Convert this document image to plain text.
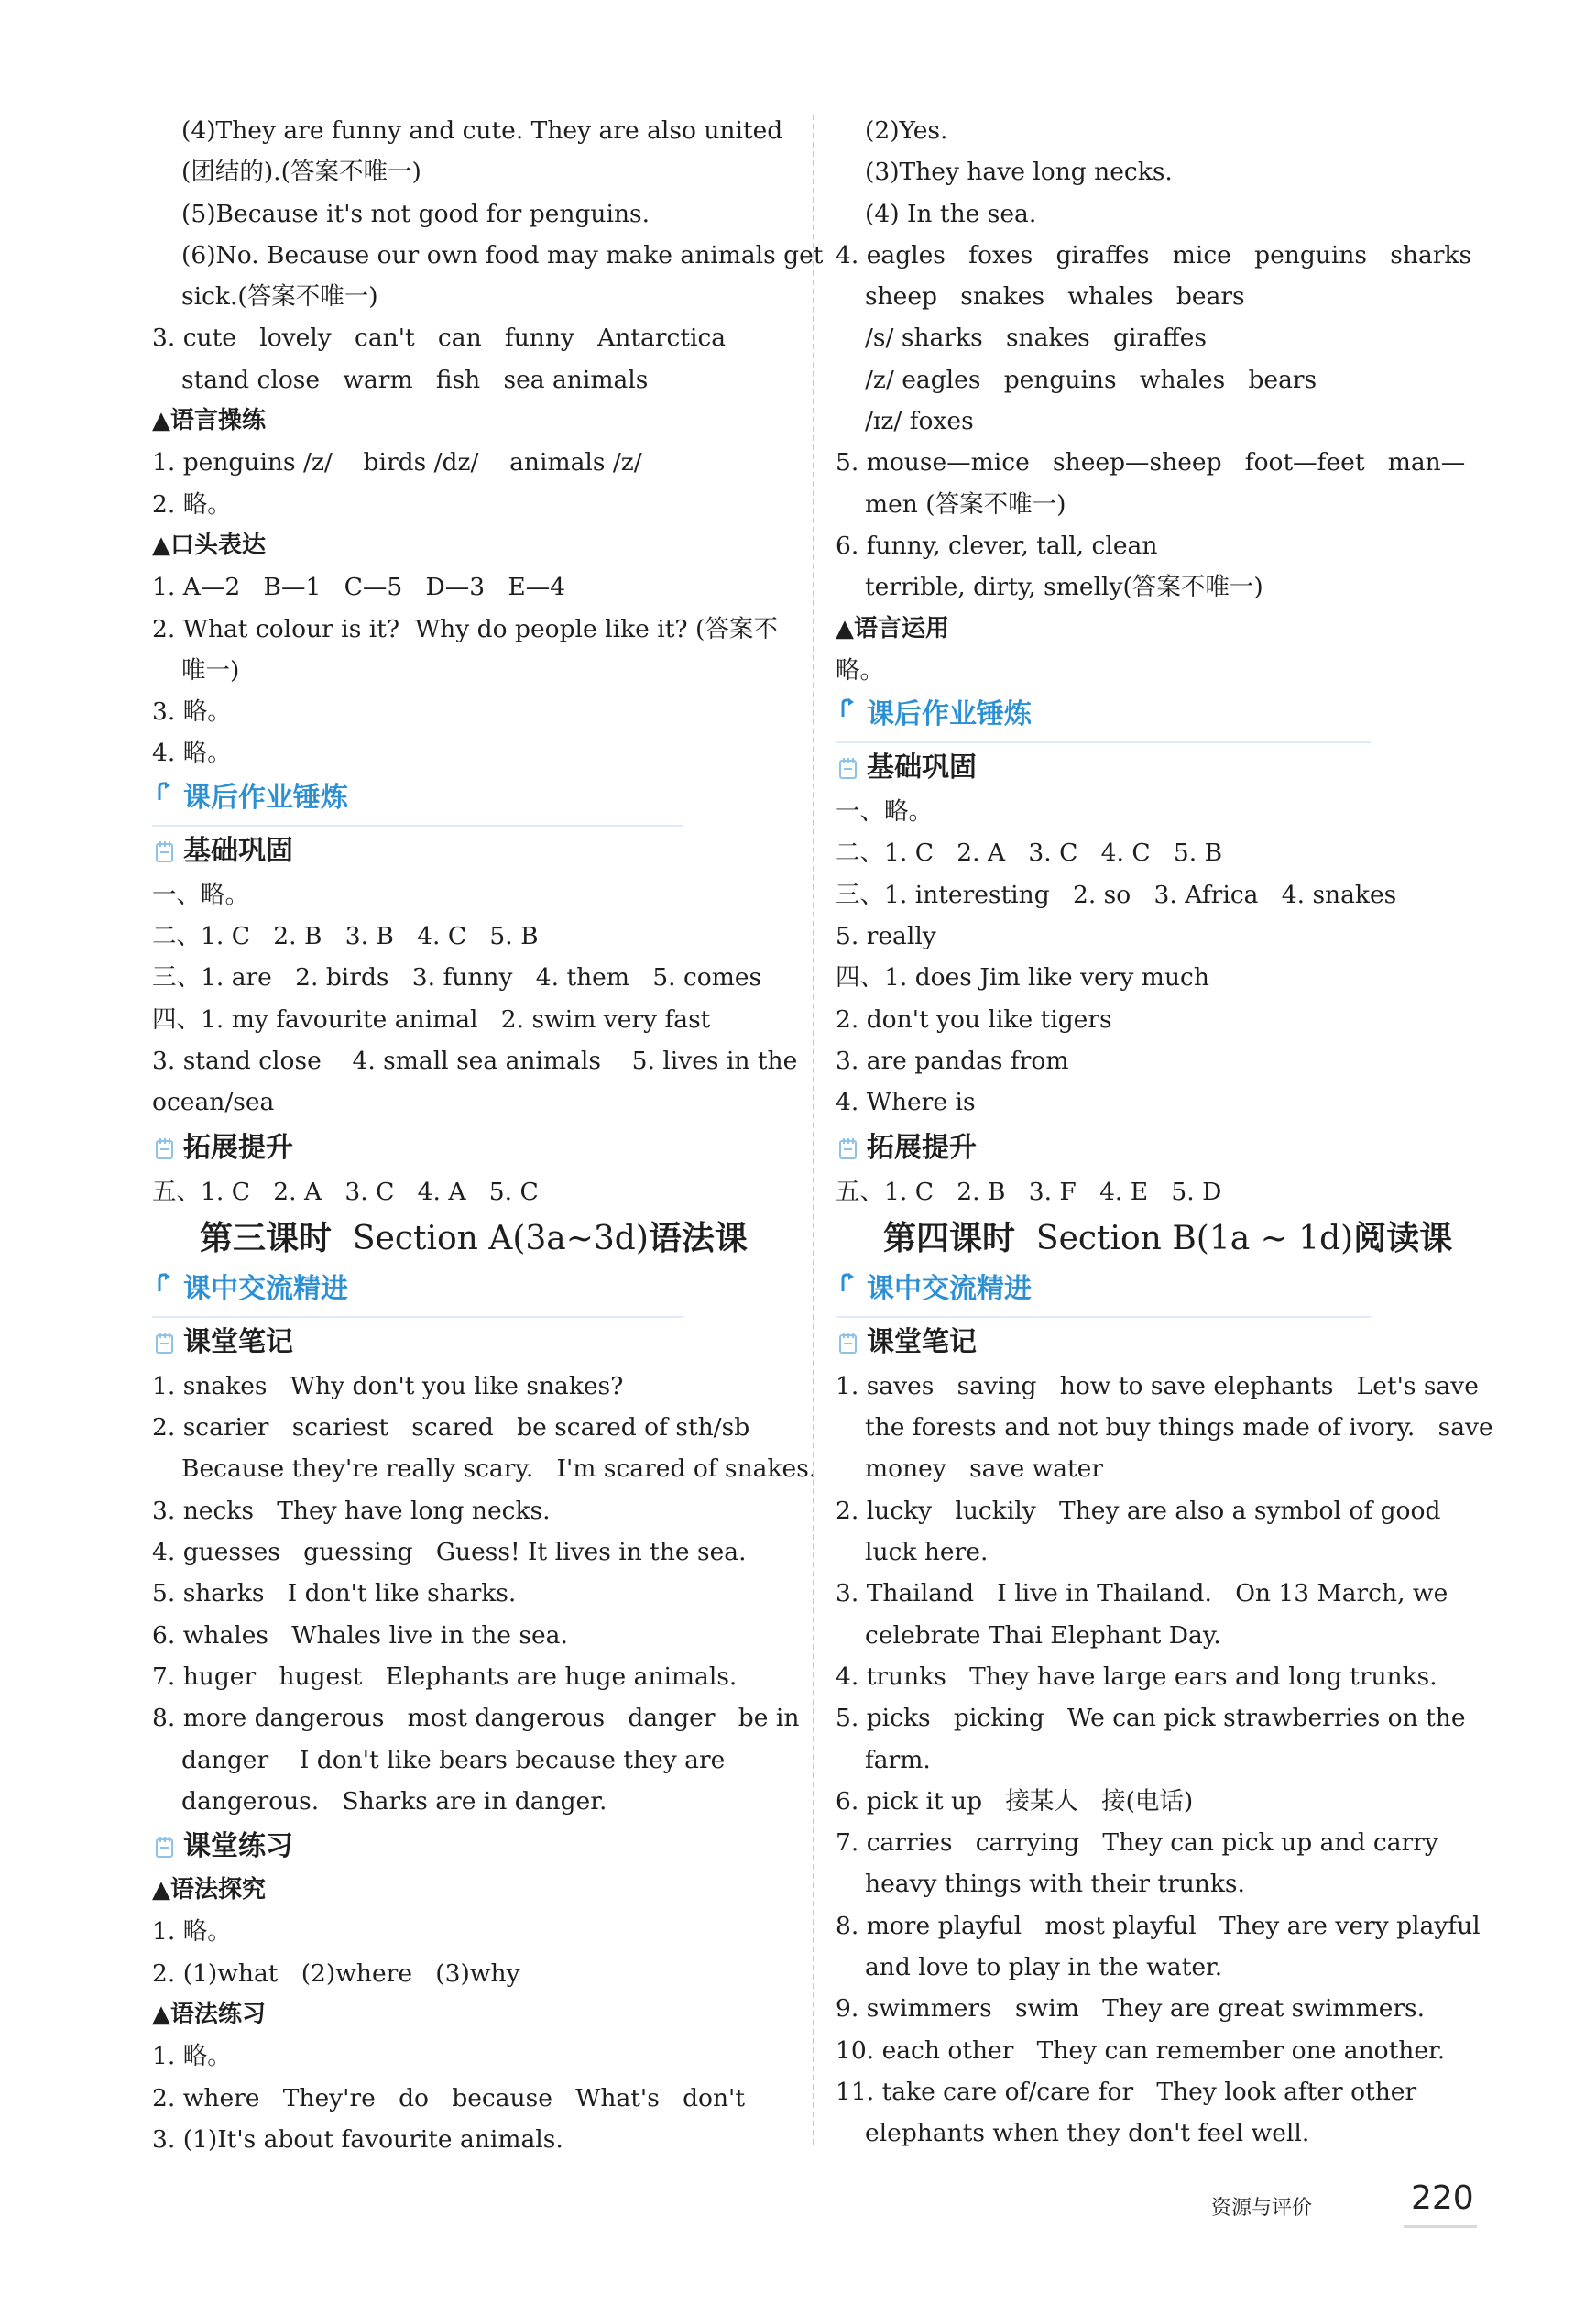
(4)They are funny and cute. They are also united
(团结的).(答案不唯一)
(5)Because it's not good for penguins.
(6)No. Because our own food may make animals get
sick.(答案不唯一)
3. cute   lovely   can't   can   funny   Antarctica
stand close   warm   fish   sea animals
▲语言操练
1. penguins /z/    birds /dz/    animals /z/
2. 略。
▲口头表达
1. A—2   B—1   C—5   D—3   E—4
2. What colour is it?  Why do people like it? (答案不
唯一)
3. 略。
4. 略。
课后作业锤炼
基础巩固
一、略。
二、1. C   2. B   3. B   4. C   5. B
三、1. are   2. birds   3. funny   4. them   5. comes
四、1. my favourite animal   2. swim very fast
3. stand close    4. small sea animals    5. lives in the
ocean/sea
拓展提升
五、1. C   2. A   3. C   4. A   5. C
第三课时  Section A(3a~3d)语法课
课中交流精进
课堂笔记
1. snakes   Why don't you like snakes?
2. scarier   scariest   scared   be scared of sth/sb
Because they're really scary.   I'm scared of snakes.
3. necks   They have long necks.
4. guesses   guessing   Guess! It lives in the sea.
5. sharks   I don't like sharks.
6. whales   Whales live in the sea.
7. huger   hugest   Elephants are huge animals.
8. more dangerous   most dangerous   danger   be in
danger    I don't like bears because they are
dangerous.   Sharks are in danger.
课堂练习
▲语法探究
1. 略。
2. (1)what   (2)where   (3)why
▲语法练习
1. 略。
2. where   They're   do   because   What's   don't
3. (1)It's about favourite animals.
(2)Yes.
(3)They have long necks.
(4) In the sea.
4. eagles   foxes   giraffes   mice   penguins   sharks
sheep   snakes   whales   bears
/s/ sharks   snakes   giraffes
/z/ eagles   penguins   whales   bears
/ɪz/ foxes
5. mouse—mice   sheep—sheep   foot—feet   man—
men (答案不唯一)
6. funny, clever, tall, clean
terrible, dirty, smelly(答案不唯一)
▲语言运用
略。
课后作业锤炼
基础巩固
一、略。
二、1. C   2. A   3. C   4. C   5. B
三、1. interesting   2. so   3. Africa   4. snakes
5. really
四、1. does Jim like very much
2. don't you like tigers
3. are pandas from
4. Where is
拓展提升
五、1. C   2. B   3. F   4. E   5. D
第四课时  Section B(1a ~ 1d)阅读课
课中交流精进
课堂笔记
1. saves   saving   how to save elephants   Let's save
the forests and not buy things made of ivory.   save
money   save water
2. lucky   luckily   They are also a symbol of good
luck here.
3. Thailand   I live in Thailand.   On 13 March, we
celebrate Thai Elephant Day.
4. trunks   They have large ears and long trunks.
5. picks   picking   We can pick strawberries on the
farm.
6. pick it up   接某人   接(电话)
7. carries   carrying   They can pick up and carry
heavy things with their trunks.
8. more playful   most playful   They are very playful
and love to play in the water.
9. swimmers   swim   They are great swimmers.
10. each other   They can remember one another.
11. take care of/care for   They look after other
elephants when they don't feel well.
资源与评价	220
